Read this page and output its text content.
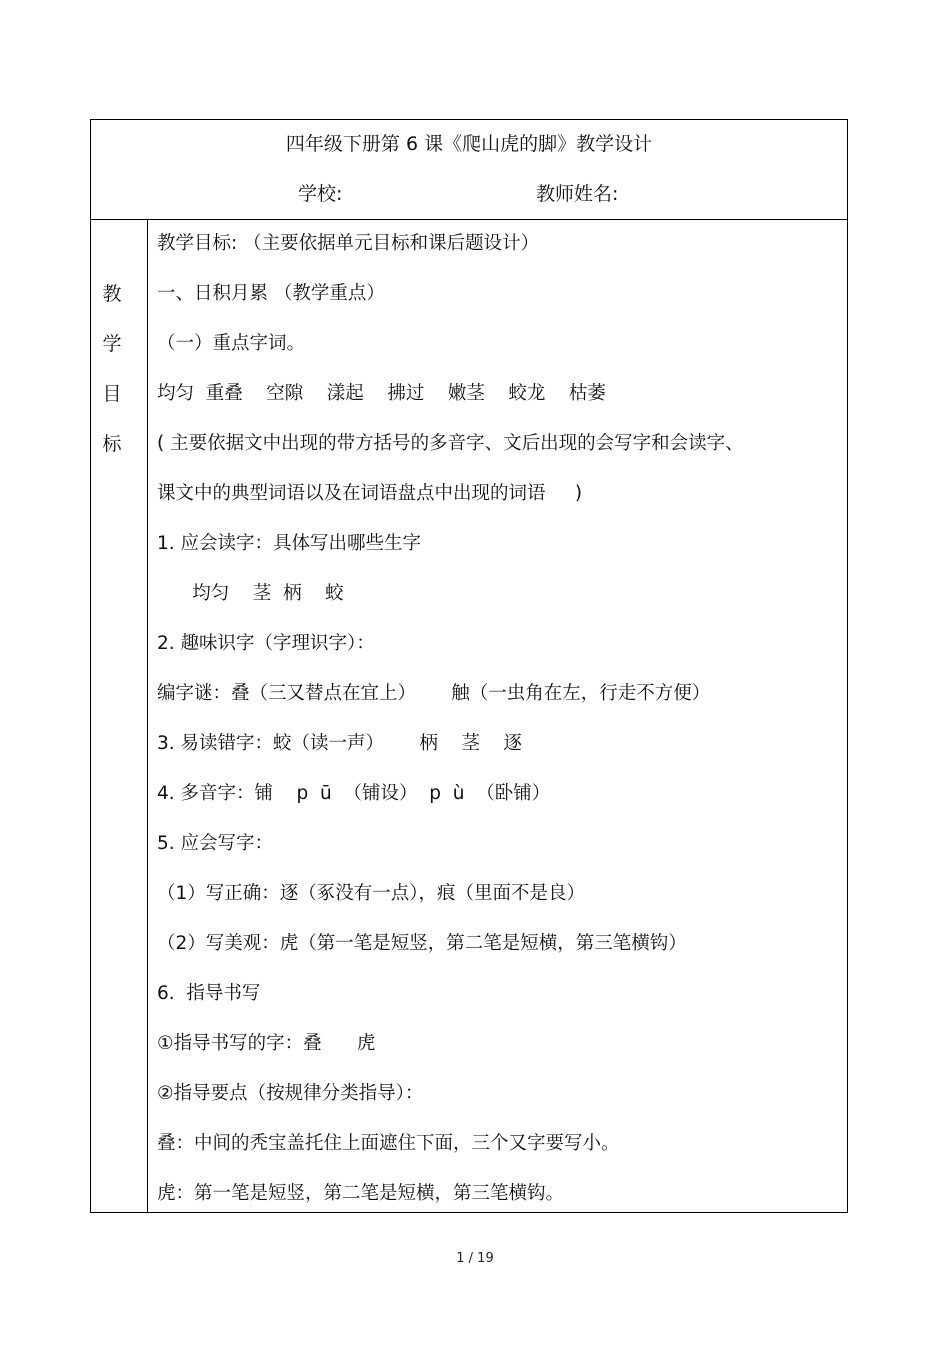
四年级下册第 6 课《爬山虎的脚》教学设计
学校:	教师姓名:
教
学
目
标
教学目标: （主要依据单元目标和课后题设计）
一、日积月累 （教学重点）
（一）重点字词。
均匀  重叠    空隙    漾起    拂过    嫩茎    蛟龙    枯萎
( 主要依据文中出现的带方括号的多音字、文后出现的会写字和会读字、
课文中的典型词语以及在词语盘点中出现的词语     )
1. 应会读字：具体写出哪些生字
均匀    茎  柄    蛟
2. 趣味识字（字理识字）：
编字谜：叠（三又替点在宜上）      触（一虫角在左，行走不方便）
3. 易读错字：蛟（读一声）      柄    茎    逐
4. 多音字：铺    p  ū  （铺设）  p  ù  （卧铺）
5. 应会写字：
（1）写正确：逐（豖没有一点），痕（里面不是良）
（2）写美观：虎（第一笔是短竖，第二笔是短横，第三笔横钩）
6.  指导书写
①指导书写的字：叠      虎
②指导要点（按规律分类指导）：
叠：中间的秃宝盖托住上面遮住下面，三个又字要写小。
虎：第一笔是短竖，第二笔是短横，第三笔横钩。
1 / 19
